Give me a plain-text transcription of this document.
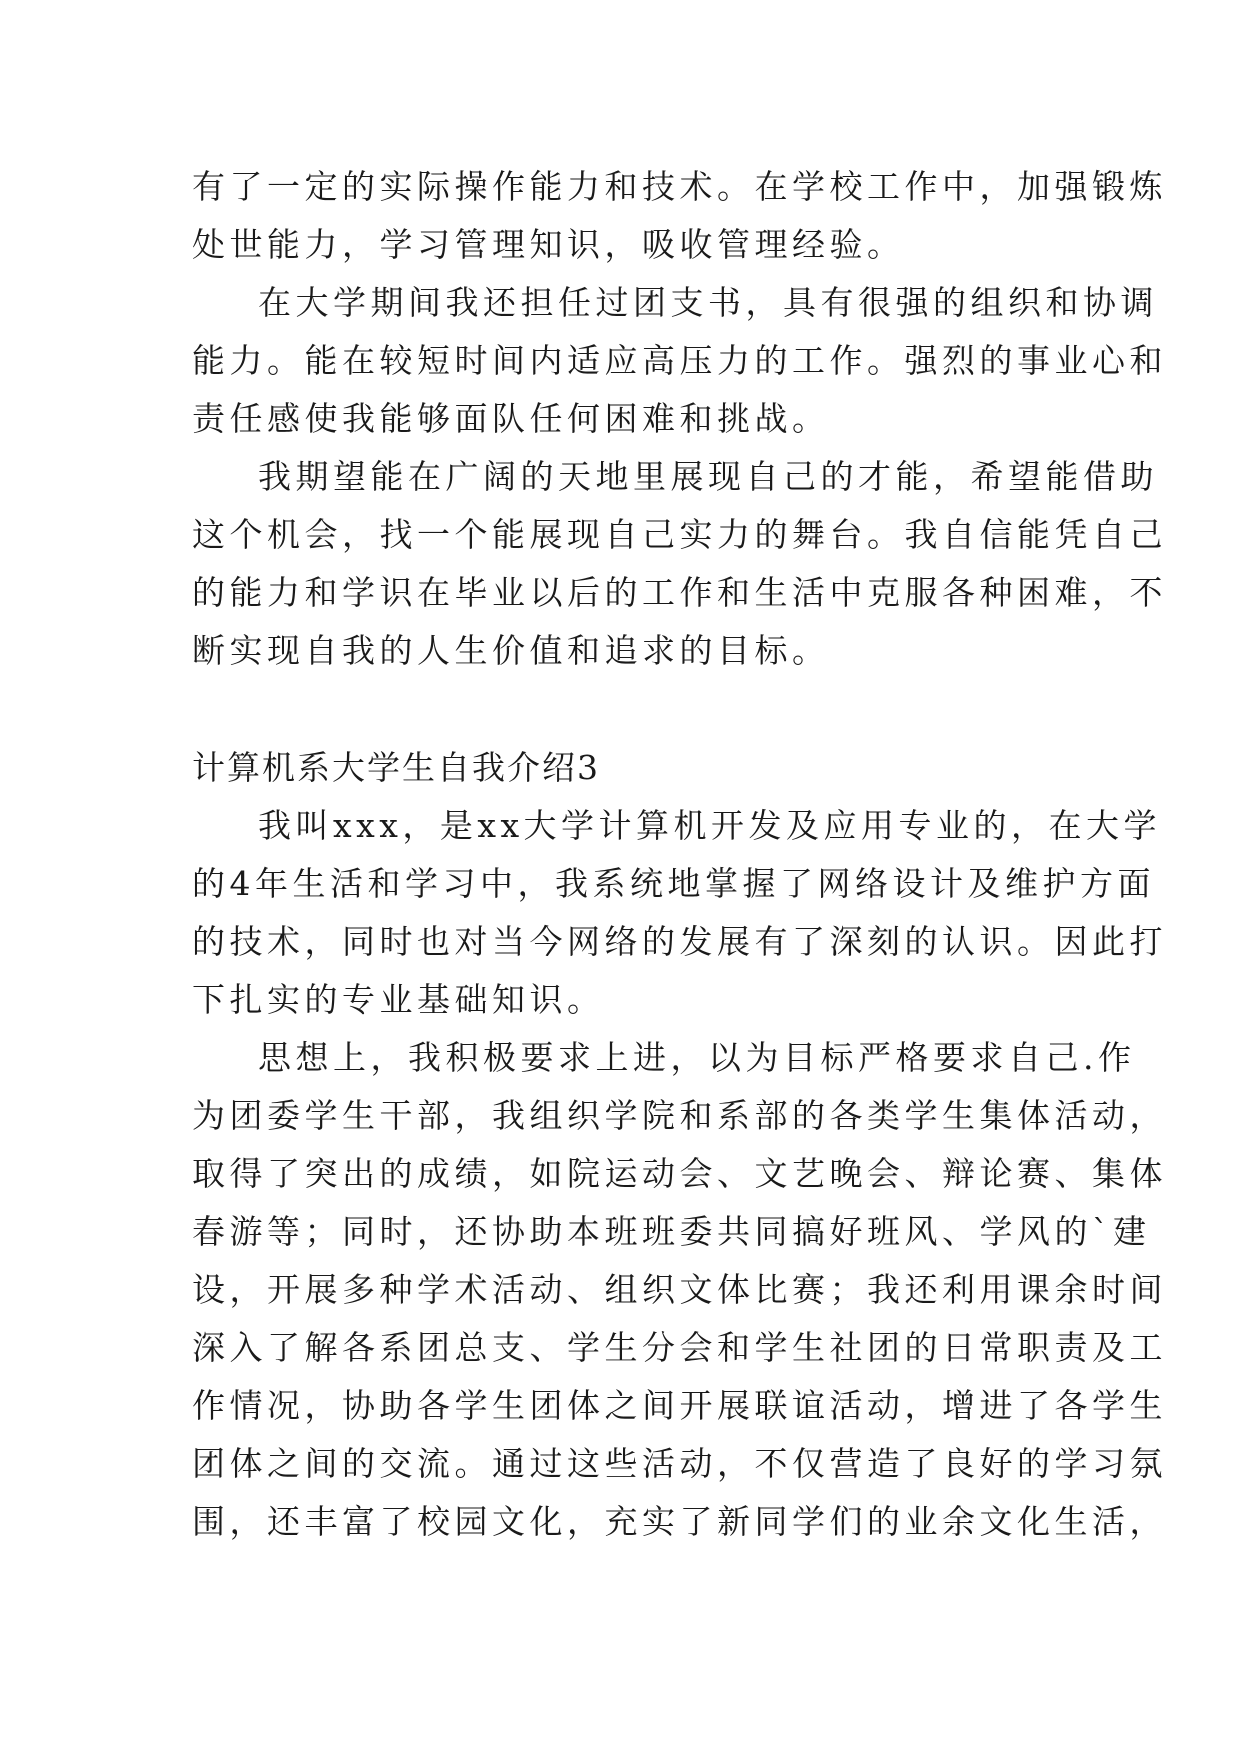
有了一定的实际操作能力和技术。在学校工作中，加强锻炼
处世能力，学习管理知识，吸收管理经验。
在大学期间我还担任过团支书，具有很强的组织和协调
能力。能在较短时间内适应高压力的工作。强烈的事业心和
责任感使我能够面队任何困难和挑战。
我期望能在广阔的天地里展现自己的才能，希望能借助
这个机会，找一个能展现自己实力的舞台。我自信能凭自己
的能力和学识在毕业以后的工作和生活中克服各种困难，不
断实现自我的人生价值和追求的目标。
计算机系大学生自我介绍3
我叫xxx，是xx大学计算机开发及应用专业的，在大学
的4年生活和学习中，我系统地掌握了网络设计及维护方面
的技术，同时也对当今网络的发展有了深刻的认识。因此打
下扎实的专业基础知识。
思想上，我积极要求上进，以为目标严格要求自己.作
为团委学生干部，我组织学院和系部的各类学生集体活动，
取得了突出的成绩，如院运动会、文艺晚会、辩论赛、集体
春游等；同时，还协助本班班委共同搞好班风、学风的`建
设，开展多种学术活动、组织文体比赛；我还利用课余时间
深入了解各系团总支、学生分会和学生社团的日常职责及工
作情况，协助各学生团体之间开展联谊活动，增进了各学生
团体之间的交流。通过这些活动，不仅营造了良好的学习氛
围，还丰富了校园文化，充实了新同学们的业余文化生活，
